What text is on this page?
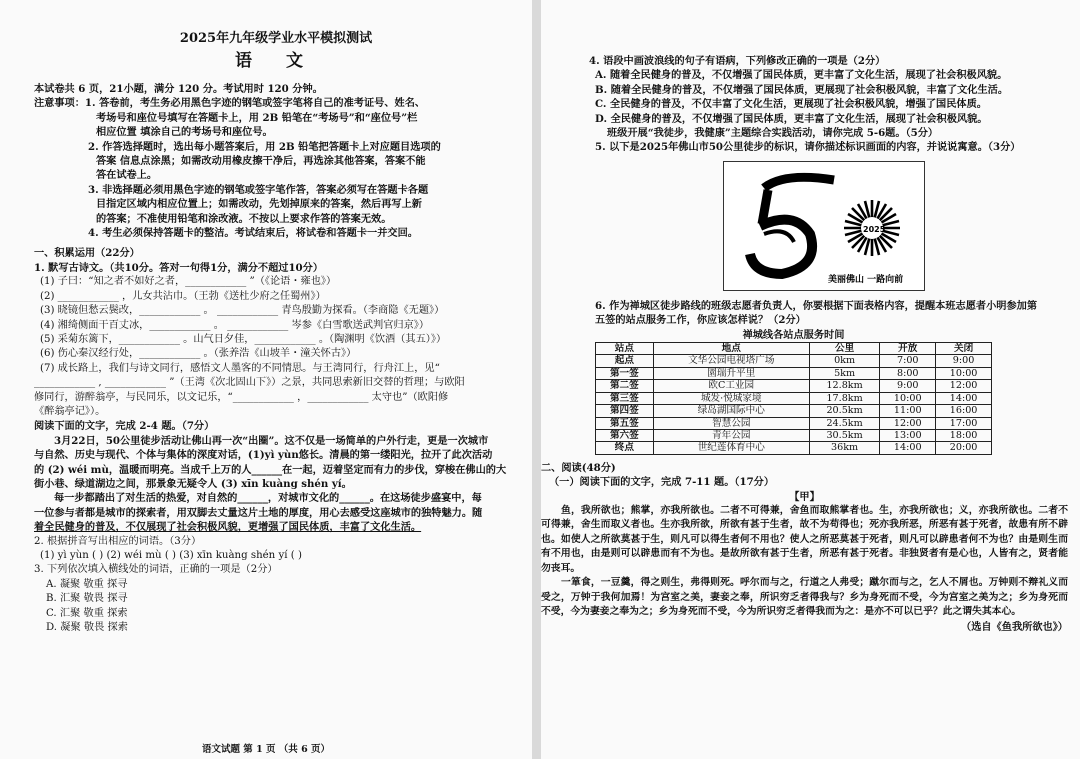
2025年九年级学业水平模拟测试
语 文
本试卷共 6 页，21小题，满分 120 分。考试用时 120 分钟。
注意事项：1. 答卷前，考生务必用黑色字迹的钢笔或签字笔将自己的准考证号、姓名、
考场号和座位号填写在答题卡上，用 2B 铅笔在“考场号”和“座位号”栏
相应位置 填涂自己的考场号和座位号。
2. 作答选择题时，选出每小题答案后，用 2B 铅笔把答题卡上对应题目选项的
答案 信息点涂黑；如需改动用橡皮擦干净后，再选涂其他答案，答案不能
答在试卷上。
3. 非选择题必须用黑色字迹的钢笔或签字笔作答，答案必须写在答题卡各题
目指定区域内相应位置上；如需改动，先划掉原来的答案，然后再写上新
的答案；不准使用铅笔和涂改液。不按以上要求作答的答案无效。
4. 考生必须保持答题卡的整洁。考试结束后，将试卷和答题卡一并交回。
一、积累运用（22分）
1. 默写古诗文。（共10分。答对一句得1分，满分不超过10分）
(1) 子曰：“知之者不如好之者，____________ ”（《论语・雍也》）
(2) ____________ ，儿女共沾巾。（王勃《送杜少府之任蜀州》）
(3) 晓镜但愁云鬓改，____________ 。 ____________ 青鸟殷勤为探看。（李商隐《无题》）
(4) 湘绮侧面干百丈冰，____________ 。 ____________ 岑参《白雪歌送武判官归京》）
(5) 采菊东篱下，____________ 。山气日夕佳，____________ 。（陶渊明《饮酒（其五）》）
(6) 伤心秦汉经行处，____________ 。（张养浩《山坡羊・潼关怀古》）
(7) 成长路上，我们与诗文同行，感悟文人墨客的不同情思。与王湾同行，行舟江上，见“
____________ , ____________ ”（王湾《次北固山下》）之景，共同思索新旧交替的哲理；与欧阳
修同行，游醉翁亭，与民同乐，以文记乐，“____________ ，____________ 太守也”（欧阳修
《醉翁亭记》）。
阅读下面的文字，完成 2-4 题。（7分）
3月22日，50公里徒步活动让佛山再一次“出圈”。这不仅是一场简单的户外行走，更是一次城市
与自然、历史与现代、个体与集体的深度对话，(1)yì yùn悠长。清晨的第一缕阳光，拉开了此次活动
的 (2) wéi mù，温暖而明亮。当成千上万的人______在一起，迈着坚定而有力的步伐，穿梭在佛山的大
街小巷、绿道湖边之间，那景象无疑令人 (3) xīn kuàng shén yí。
每一步都踏出了对生活的热爱，对自然的______，对城市文化的______。在这场徒步盛宴中，每
一位参与者都是城市的探索者，用双脚去丈量这片土地的厚度，用心去感受这座城市的独特魅力。随
着全民健身的普及，不仅展现了社会积极风貌，更增强了国民体质，丰富了文化生活。
2. 根据拼音写出相应的词语。（3分）
(1) yì yùn ( ) (2) wéi mù ( ) (3) xīn kuàng shén yí ( )
3. 下列依次填入横线处的词语，正确的一项是（2分）
A. 凝聚 敬重 探寻
B. 汇聚 敬畏 探寻
C. 汇聚 敬重 探索
D. 凝聚 敬畏 探索
语文试题 第 1 页 （共 6 页）
4. 语段中画波浪线的句子有语病，下列修改正确的一项是（2分）
A. 随着全民健身的普及，不仅增强了国民体质，更丰富了文化生活，展现了社会积极风貌。
B. 随着全民健身的普及，不仅增强了国民体质，更展现了社会积极风貌，丰富了文化生活。
C. 全民健身的普及，不仅丰富了文化生活，更展现了社会积极风貌，增强了国民体质。
D. 全民健身的普及，不仅增强了国民体质，更丰富了文化生活，展现了社会积极风貌。
班级开展“我徒步，我健康”主题综合实践活动，请你完成 5-6题。（5分）
5. 以下是2025年佛山市50公里徒步的标识，请你描述标识画面的内容，并说说寓意。（3分）
2025
美丽佛山 一路向前
6. 作为禅城区徒步路线的班级志愿者负责人，你要根据下面表格内容，提醒本班志愿者小明参加第
五签的站点服务工作，你应该怎样说？（2分）
禅城线各站点服务时间
站点	地点	公里	开放	关闭
起点	文华公园电视塔广场	0km	7:00	9:00
第一签	園瑞升平里	5km	8:00	10:00
第二签	欧C工业园	12.8km	9:00	12:00
第三签	城发·悦城家境	17.8km	10:00	14:00
第四签	绿岛湖国际中心	20.5km	11:00	16:00
第五签	智慧公园	24.5km	12:00	17:00
第六签	青年公园	30.5km	13:00	18:00
终点	世纪莲体育中心	36km	14:00	20:00
二、阅读(48分)
（一）阅读下面的文字，完成 7-11 题。（17分）
【甲】
鱼，我所欲也；熊掌，亦我所欲也。二者不可得兼，舍鱼而取熊掌者也。生，亦我所欲也；义，亦我所欲也。二者不可得兼，舍生而取义者也。生亦我所欲，所欲有甚于生者，故不为苟得也；死亦我所恶，所恶有甚于死者，故患有所不辟也。如使人之所欲莫甚于生，则凡可以得生者何不用也？使人之所恶莫甚于死者，则凡可以辟患者何不为也？由是则生而有不用也，由是则可以辟患而有不为也。是故所欲有甚于生者，所恶有甚于死者。非独贤者有是心也，人皆有之，贤者能勿丧耳。
一箪食，一豆羹，得之则生，弗得则死。呼尔而与之，行道之人弗受；蹴尔而与之，乞人不屑也。万钟则不辩礼义而受之，万钟于我何加焉！为宫室之美，妻妾之奉，所识穷乏者得我与？乡为身死而不受，今为宫室之美为之；乡为身死而不受，今为妻妾之奉为之；乡为身死而不受，今为所识穷乏者得我而为之：是亦不可以已乎？此之谓失其本心。
（选自《鱼我所欲也》）
